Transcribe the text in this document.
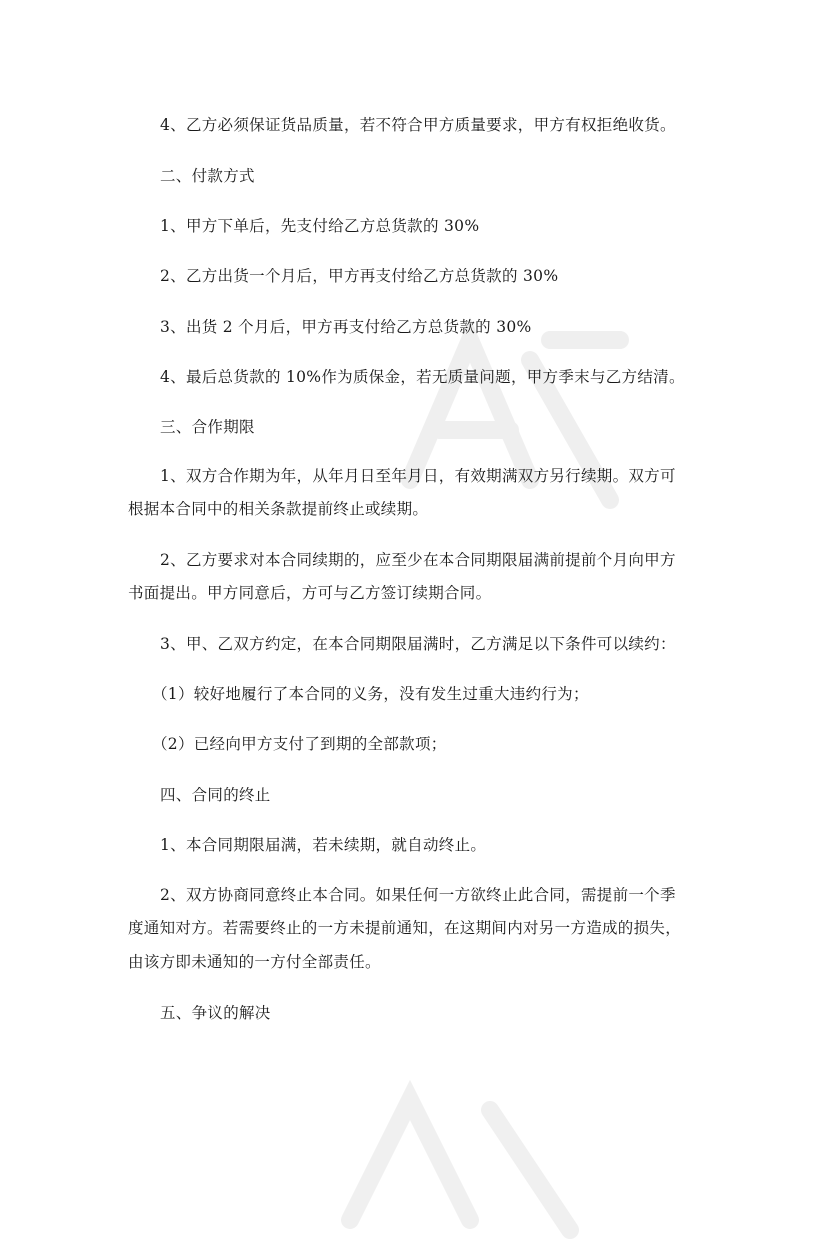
4、乙方必须保证货品质量，若不符合甲方质量要求，甲方有权拒绝收货。
二、付款方式
1、甲方下单后，先支付给乙方总货款的 30%
2、乙方出货一个月后，甲方再支付给乙方总货款的 30%
3、出货 2 个月后，甲方再支付给乙方总货款的 30%
4、最后总货款的 10%作为质保金，若无质量问题，甲方季末与乙方结清。
三、合作期限
1、双方合作期为年，从年月日至年月日，有效期满双方另行续期。双方可
根据本合同中的相关条款提前终止或续期。
2、乙方要求对本合同续期的，应至少在本合同期限届满前提前个月向甲方
书面提出。甲方同意后，方可与乙方签订续期合同。
3、甲、乙双方约定，在本合同期限届满时，乙方满足以下条件可以续约：
（1）较好地履行了本合同的义务，没有发生过重大违约行为；
（2）已经向甲方支付了到期的全部款项；
四、合同的终止
1、本合同期限届满，若未续期，就自动终止。
2、双方协商同意终止本合同。如果任何一方欲终止此合同，需提前一个季
度通知对方。若需要终止的一方未提前通知，在这期间内对另一方造成的损失，
由该方即未通知的一方付全部责任。
五、争议的解决
